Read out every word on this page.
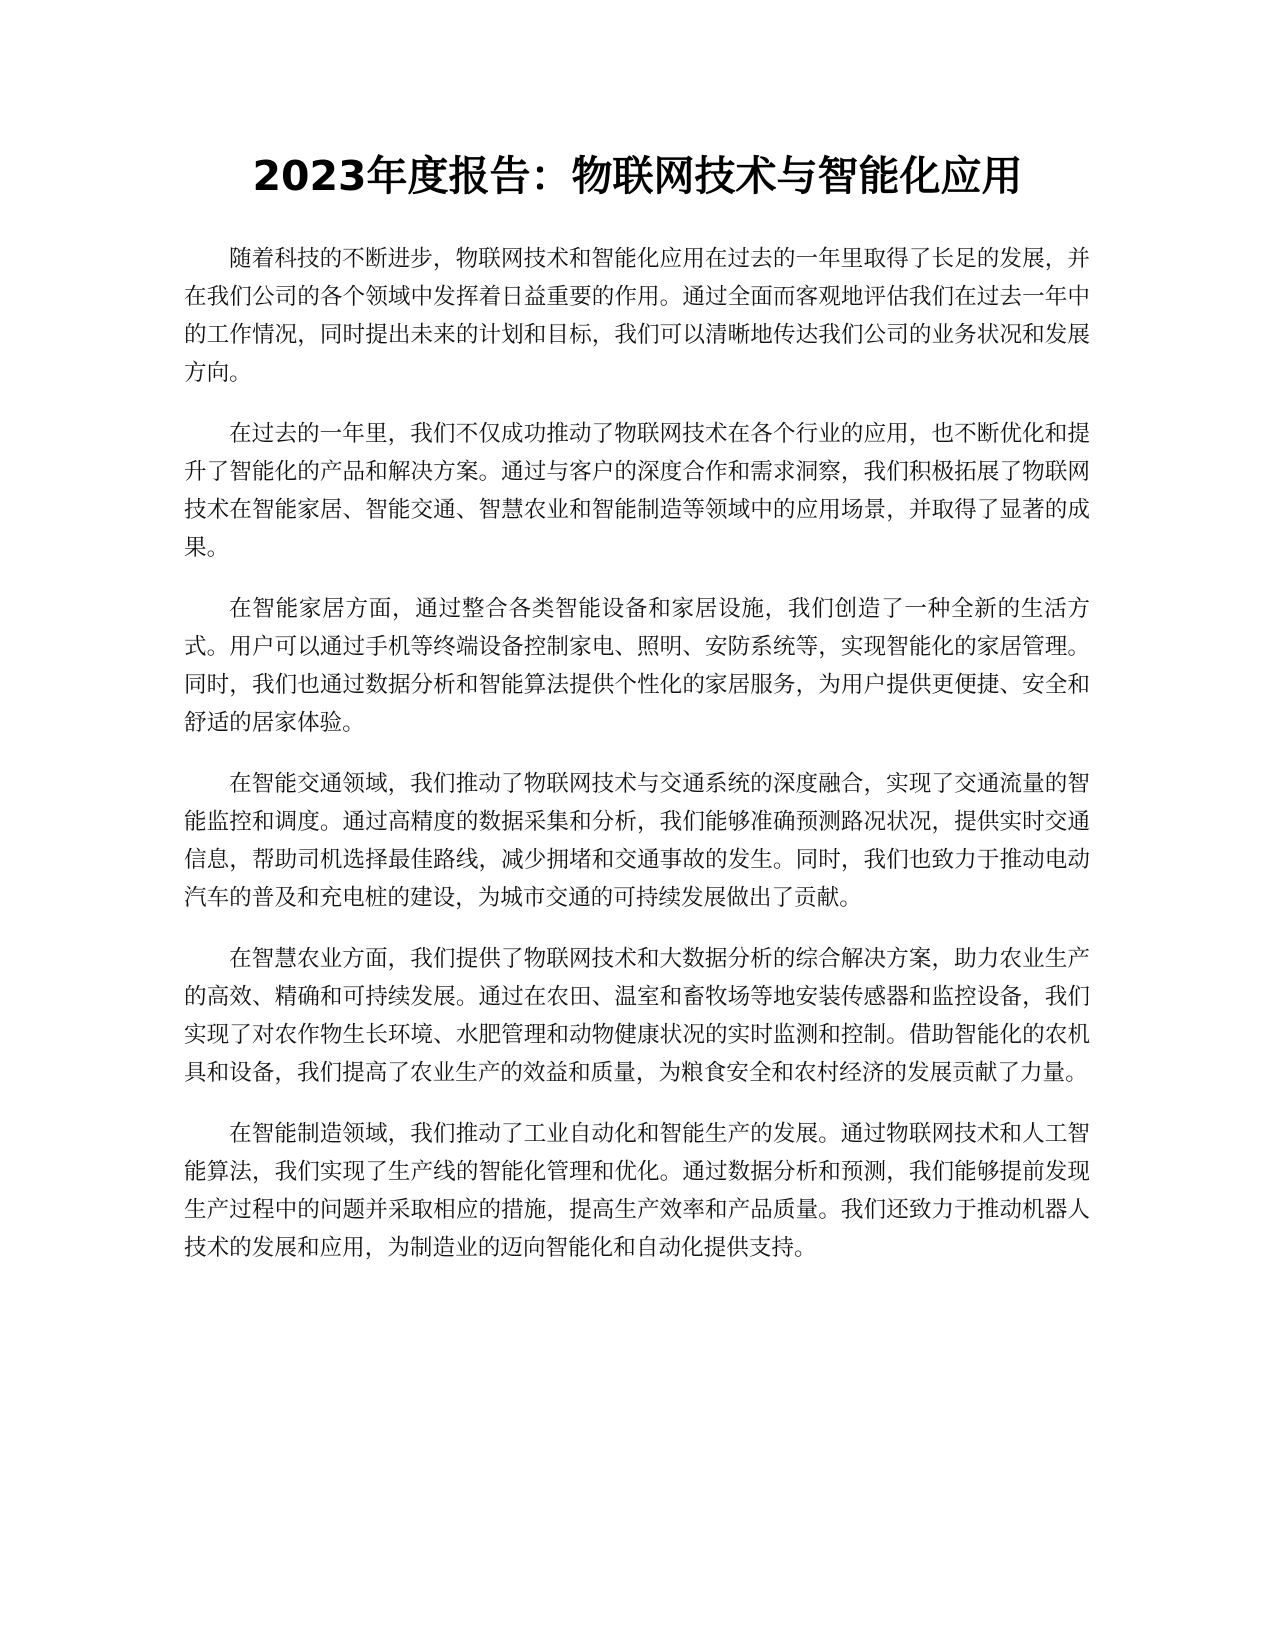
2023年度报告：物联网技术与智能化应用

随着科技的不断进步，物联网技术和智能化应用在过去的一年里取得了长足的发展，并在我们公司的各个领域中发挥着日益重要的作用。通过全面而客观地评估我们在过去一年中的工作情况，同时提出未来的计划和目标，我们可以清晰地传达我们公司的业务状况和发展方向。

在过去的一年里，我们不仅成功推动了物联网技术在各个行业的应用，也不断优化和提升了智能化的产品和解决方案。通过与客户的深度合作和需求洞察，我们积极拓展了物联网技术在智能家居、智能交通、智慧农业和智能制造等领域中的应用场景，并取得了显著的成果。

在智能家居方面，通过整合各类智能设备和家居设施，我们创造了一种全新的生活方式。用户可以通过手机等终端设备控制家电、照明、安防系统等，实现智能化的家居管理。同时，我们也通过数据分析和智能算法提供个性化的家居服务，为用户提供更便捷、安全和舒适的居家体验。

在智能交通领域，我们推动了物联网技术与交通系统的深度融合，实现了交通流量的智能监控和调度。通过高精度的数据采集和分析，我们能够准确预测路况状况，提供实时交通信息，帮助司机选择最佳路线，减少拥堵和交通事故的发生。同时，我们也致力于推动电动汽车的普及和充电桩的建设，为城市交通的可持续发展做出了贡献。

在智慧农业方面，我们提供了物联网技术和大数据分析的综合解决方案，助力农业生产的高效、精确和可持续发展。通过在农田、温室和畜牧场等地安装传感器和监控设备，我们实现了对农作物生长环境、水肥管理和动物健康状况的实时监测和控制。借助智能化的农机具和设备，我们提高了农业生产的效益和质量，为粮食安全和农村经济的发展贡献了力量。

在智能制造领域，我们推动了工业自动化和智能生产的发展。通过物联网技术和人工智能算法，我们实现了生产线的智能化管理和优化。通过数据分析和预测，我们能够提前发现生产过程中的问题并采取相应的措施，提高生产效率和产品质量。我们还致力于推动机器人技术的发展和应用，为制造业的迈向智能化和自动化提供支持。
